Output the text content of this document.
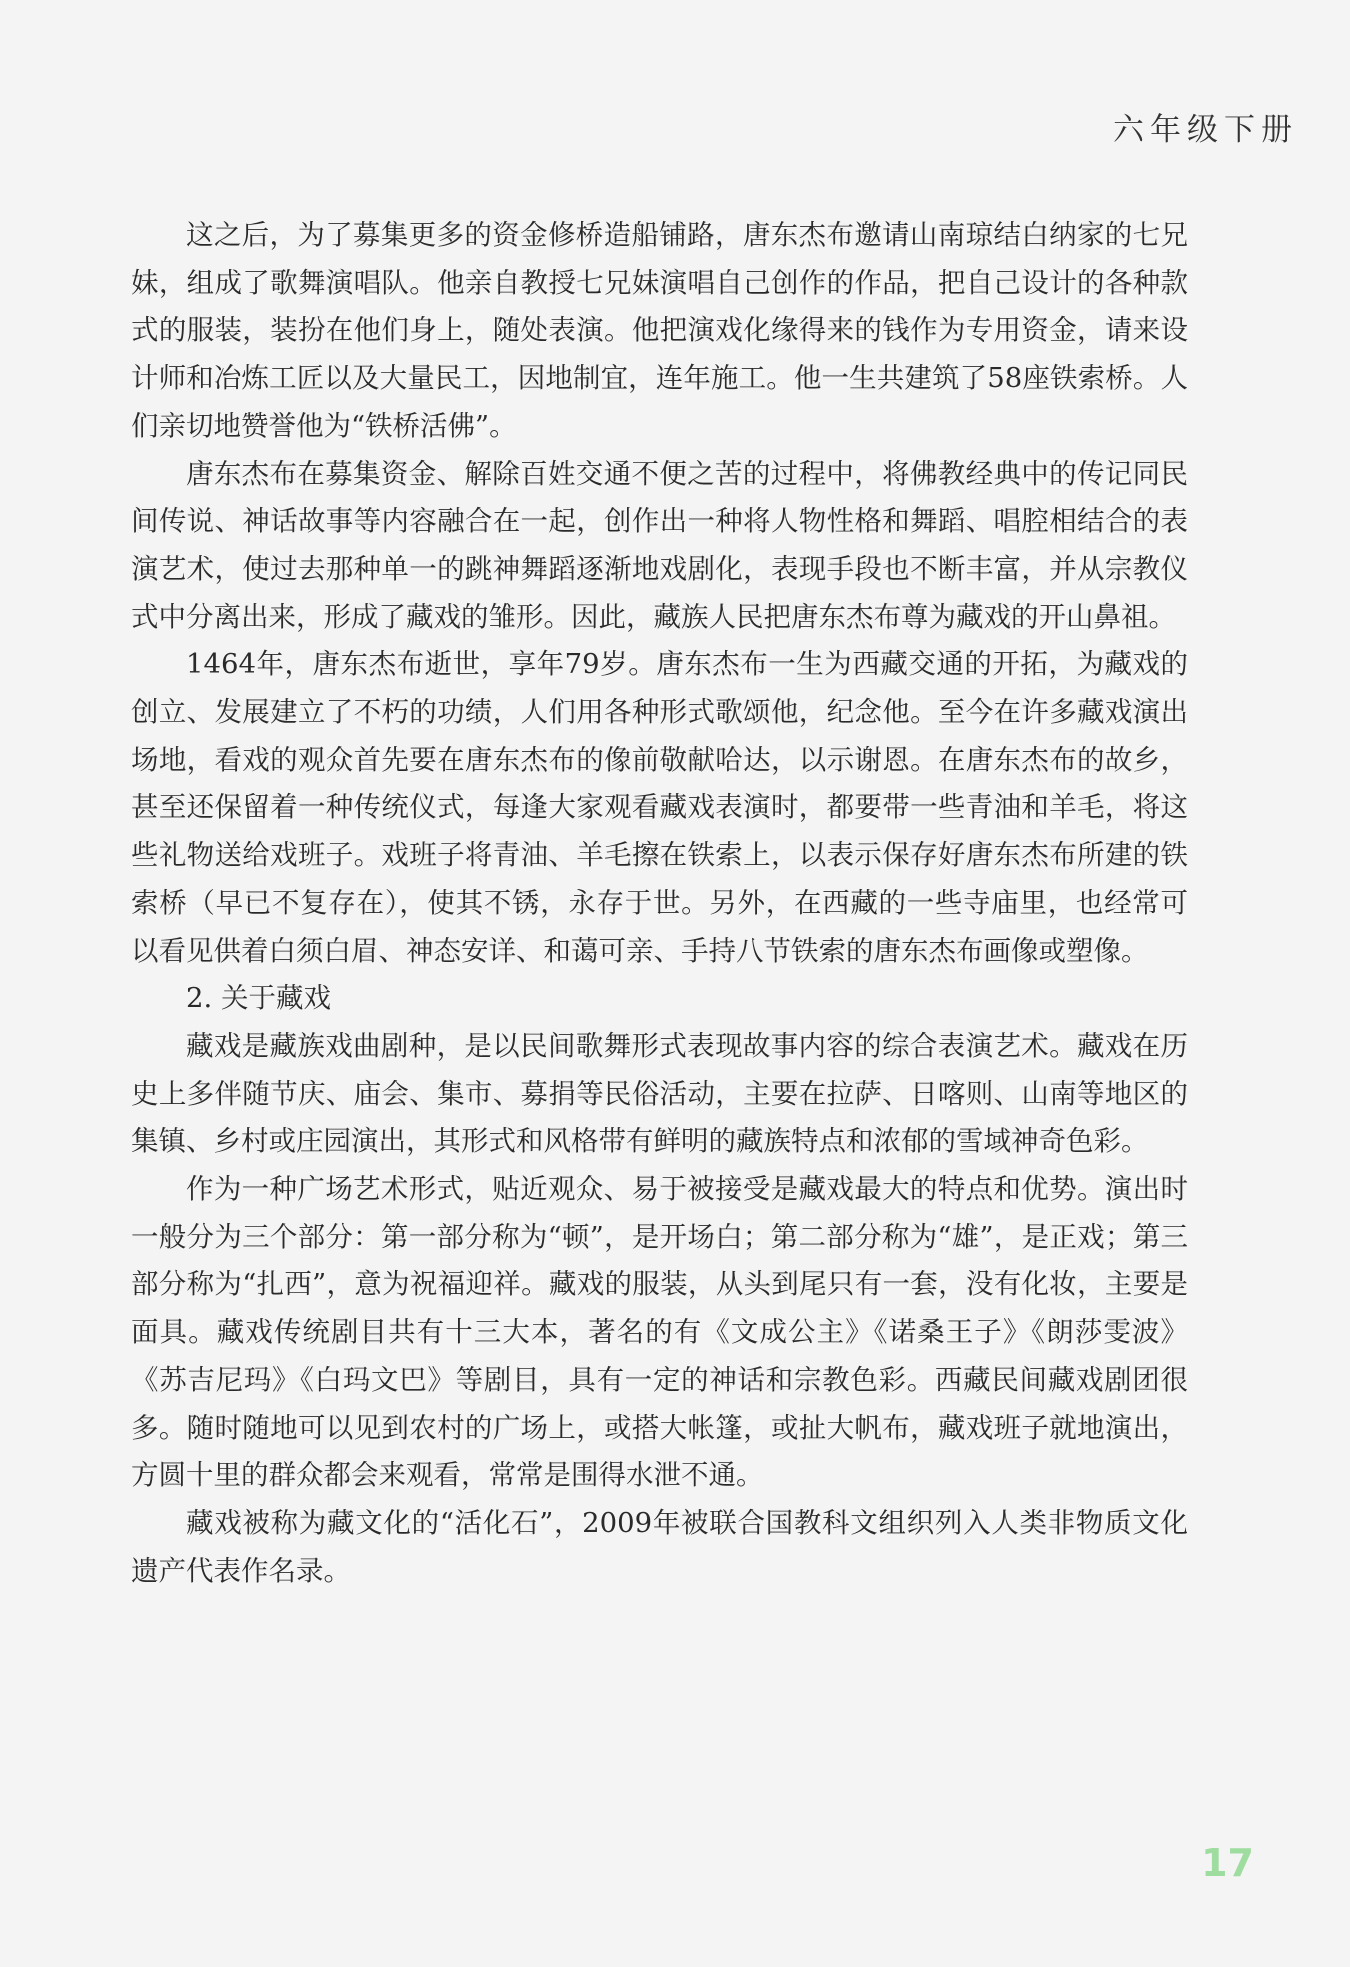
六年级下册

这之后，为了募集更多的资金修桥造船铺路，唐东杰布邀请山南琼结白纳家的七兄妹，组成了歌舞演唱队。他亲自教授七兄妹演唱自己创作的作品，把自己设计的各种款式的服装，装扮在他们身上，随处表演。他把演戏化缘得来的钱作为专用资金，请来设计师和冶炼工匠以及大量民工，因地制宜，连年施工。他一生共建筑了58座铁索桥。人们亲切地赞誉他为“铁桥活佛”。

唐东杰布在募集资金、解除百姓交通不便之苦的过程中，将佛教经典中的传记同民间传说、神话故事等内容融合在一起，创作出一种将人物性格和舞蹈、唱腔相结合的表演艺术，使过去那种单一的跳神舞蹈逐渐地戏剧化，表现手段也不断丰富，并从宗教仪式中分离出来，形成了藏戏的雏形。因此，藏族人民把唐东杰布尊为藏戏的开山鼻祖。

1464年，唐东杰布逝世，享年79岁。唐东杰布一生为西藏交通的开拓，为藏戏的创立、发展建立了不朽的功绩，人们用各种形式歌颂他，纪念他。至今在许多藏戏演出场地，看戏的观众首先要在唐东杰布的像前敬献哈达，以示谢恩。在唐东杰布的故乡，甚至还保留着一种传统仪式，每逢大家观看藏戏表演时，都要带一些青油和羊毛，将这些礼物送给戏班子。戏班子将青油、羊毛擦在铁索上，以表示保存好唐东杰布所建的铁索桥（早已不复存在），使其不锈，永存于世。另外，在西藏的一些寺庙里，也经常可以看见供着白须白眉、神态安详、和蔼可亲、手持八节铁索的唐东杰布画像或塑像。

2. 关于藏戏

藏戏是藏族戏曲剧种，是以民间歌舞形式表现故事内容的综合表演艺术。藏戏在历史上多伴随节庆、庙会、集市、募捐等民俗活动，主要在拉萨、日喀则、山南等地区的集镇、乡村或庄园演出，其形式和风格带有鲜明的藏族特点和浓郁的雪域神奇色彩。

作为一种广场艺术形式，贴近观众、易于被接受是藏戏最大的特点和优势。演出时一般分为三个部分：第一部分称为“顿”，是开场白；第二部分称为“雄”，是正戏；第三部分称为“扎西”，意为祝福迎祥。藏戏的服装，从头到尾只有一套，没有化妆，主要是面具。藏戏传统剧目共有十三大本，著名的有《文成公主》《诺桑王子》《朗莎雯波》《苏吉尼玛》《白玛文巴》等剧目，具有一定的神话和宗教色彩。西藏民间藏戏剧团很多。随时随地可以见到农村的广场上，或搭大帐篷，或扯大帆布，藏戏班子就地演出，方圆十里的群众都会来观看，常常是围得水泄不通。

藏戏被称为藏文化的“活化石”，2009年被联合国教科文组织列入人类非物质文化遗产代表作名录。

17
